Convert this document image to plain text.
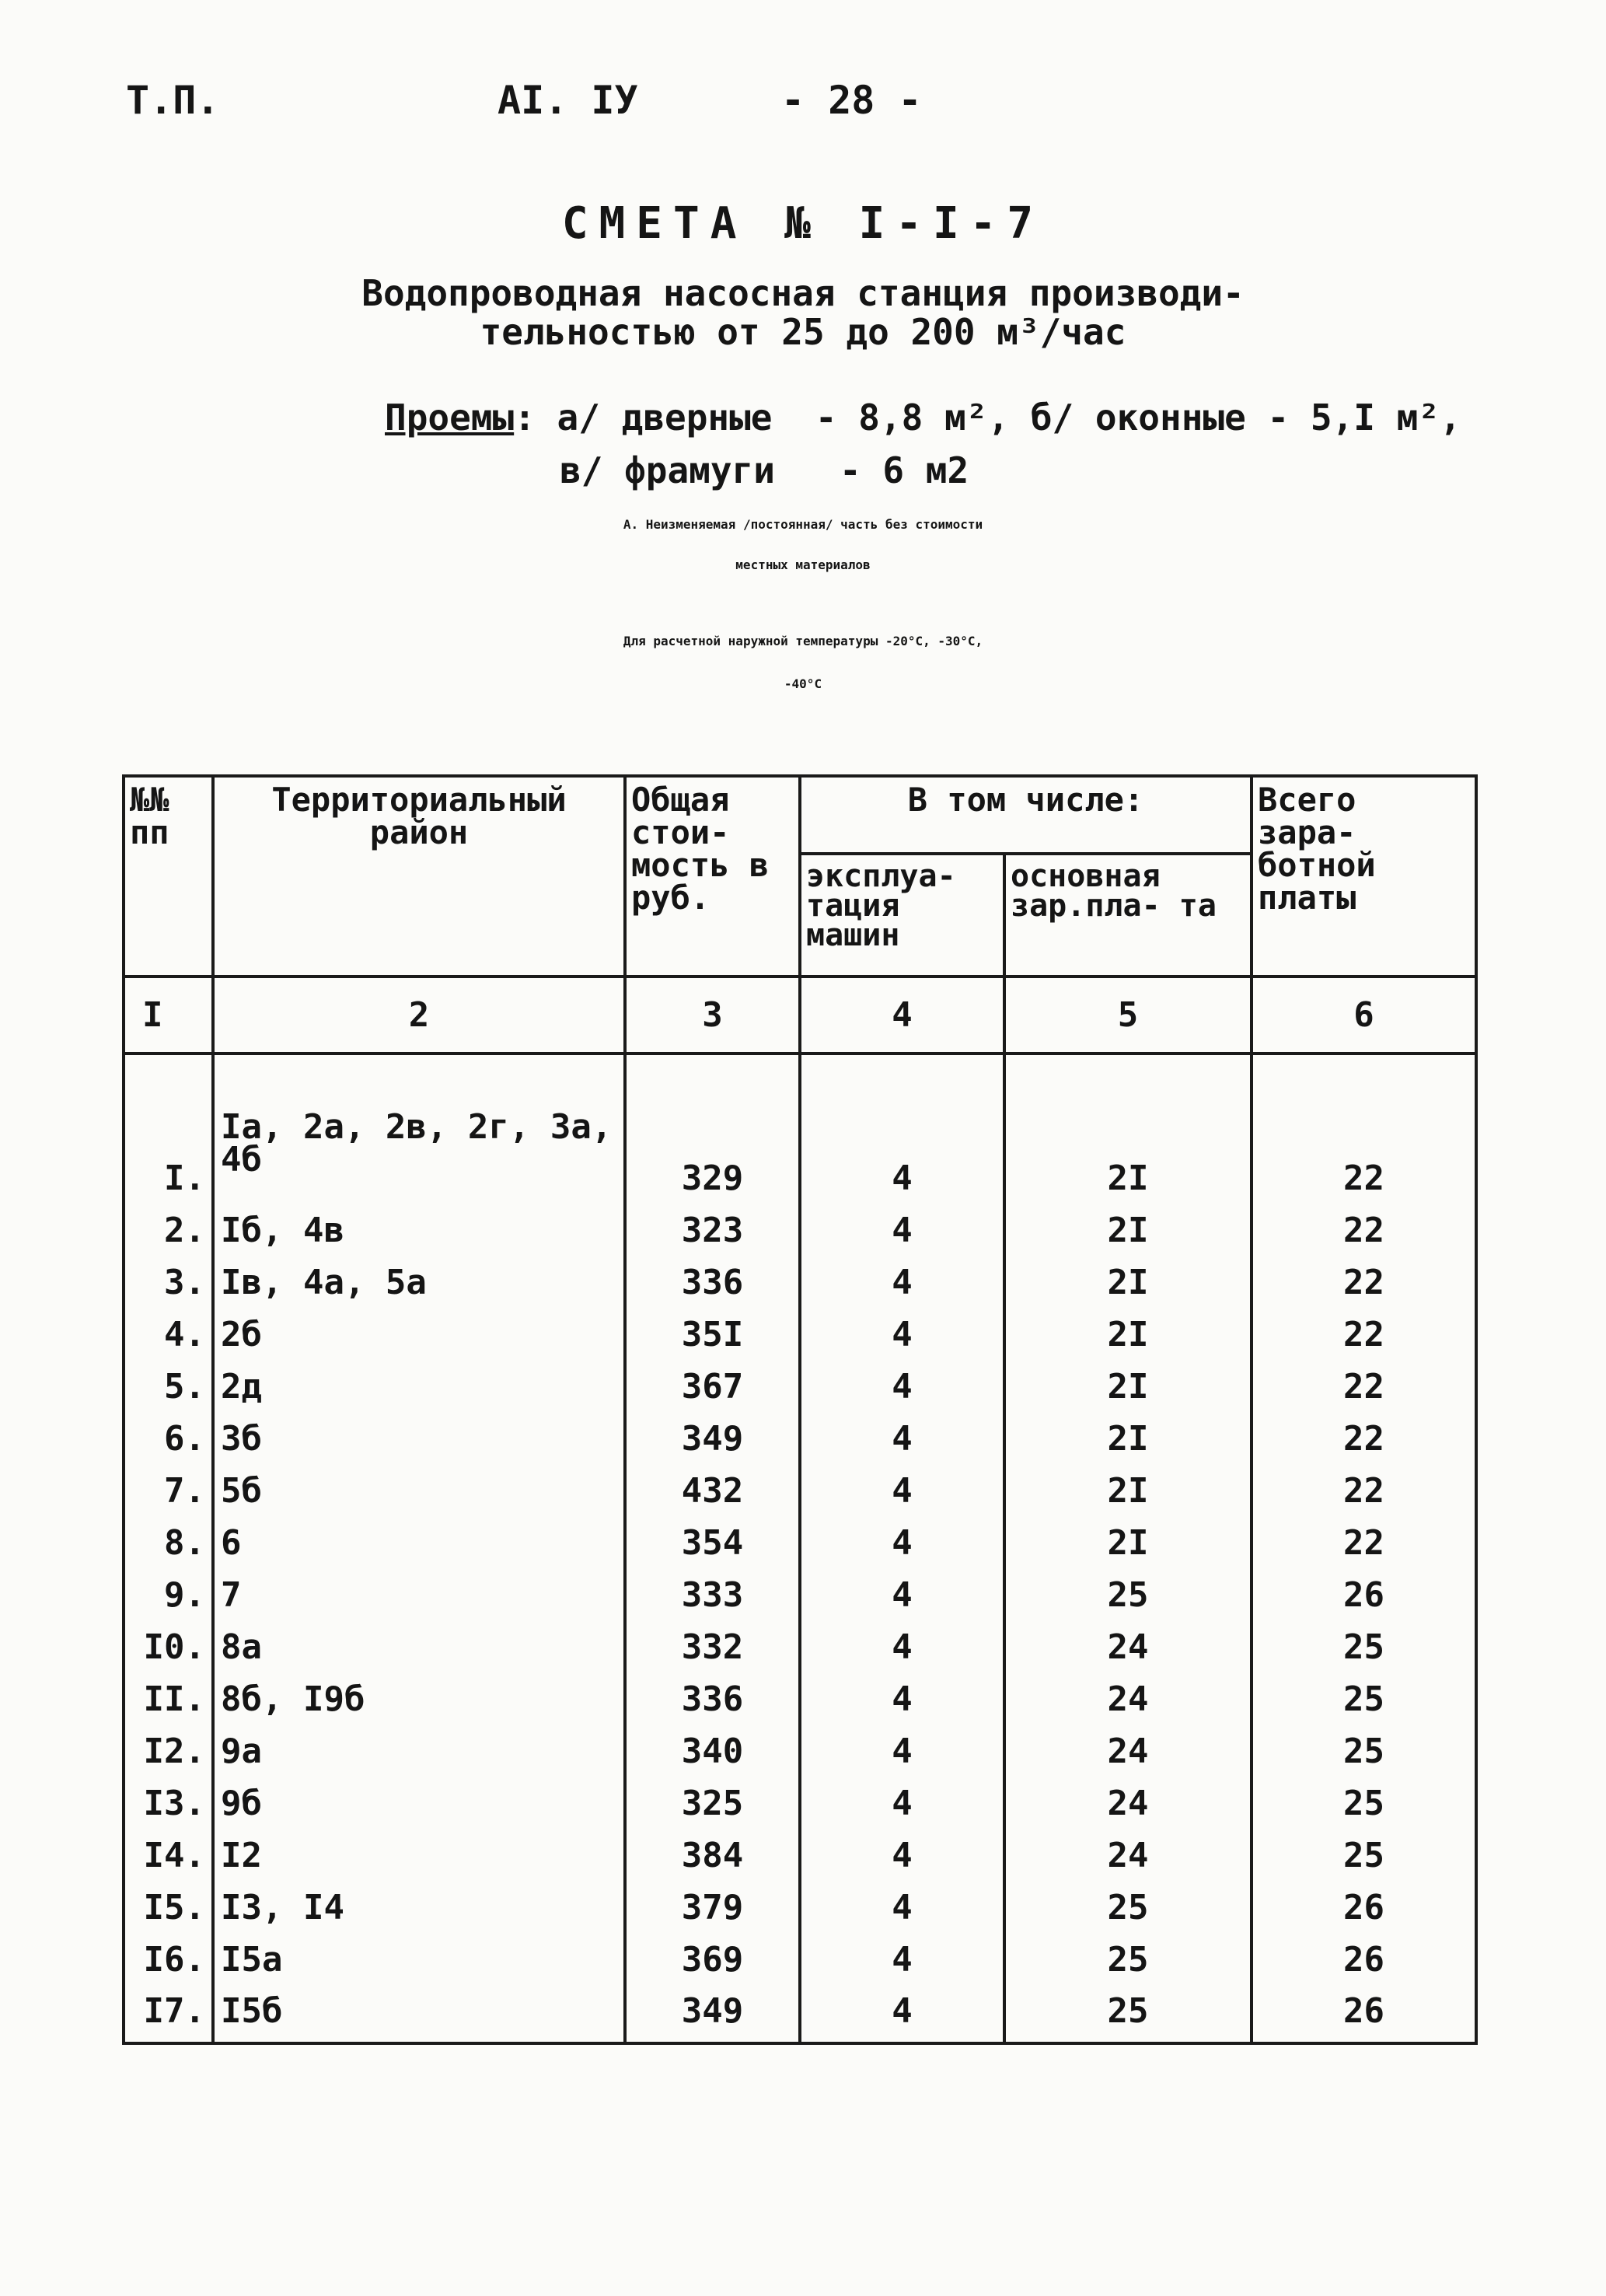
Т.П.	АI. IУ	- 28 -
СМЕТА № I-I-7
Водопроводная насосная станция производи-
тельностью от 25 до 200 м³/час
Проемы: а/ дверные  - 8,8 м², б/ оконные - 5,I м²,
в/ фрамуги   - 6 м2
А. Неизменяемая /постоянная/ часть без стоимости
местных материалов
Для расчетной наружной температуры -20°С, -30°С,
-40°С
№№ пп	Территориальный район	Общая стои- мость в руб.	В том числе:		Всего зара- ботной платы
			эксплуа- тация машин	основная зар.пла- та	
I	2	3	4	5	6

I.	Iа, 2а, 2в, 2г, 3а, 4б	329	4	2I	22
2.	Iб, 4в	323	4	2I	22
3.	Iв, 4а, 5а	336	4	2I	22
4.	2б	35I	4	2I	22
5.	2д	367	4	2I	22
6.	3б	349	4	2I	22
7.	5б	432	4	2I	22
8.	6	354	4	2I	22
9.	7	333	4	25	26
I0.	8а	332	4	24	25
II.	8б, I9б	336	4	24	25
I2.	9а	340	4	24	25
I3.	9б	325	4	24	25
I4.	I2	384	4	24	25
I5.	I3, I4	379	4	25	26
I6.	I5а	369	4	25	26
I7.	I5б	349	4	25	26
